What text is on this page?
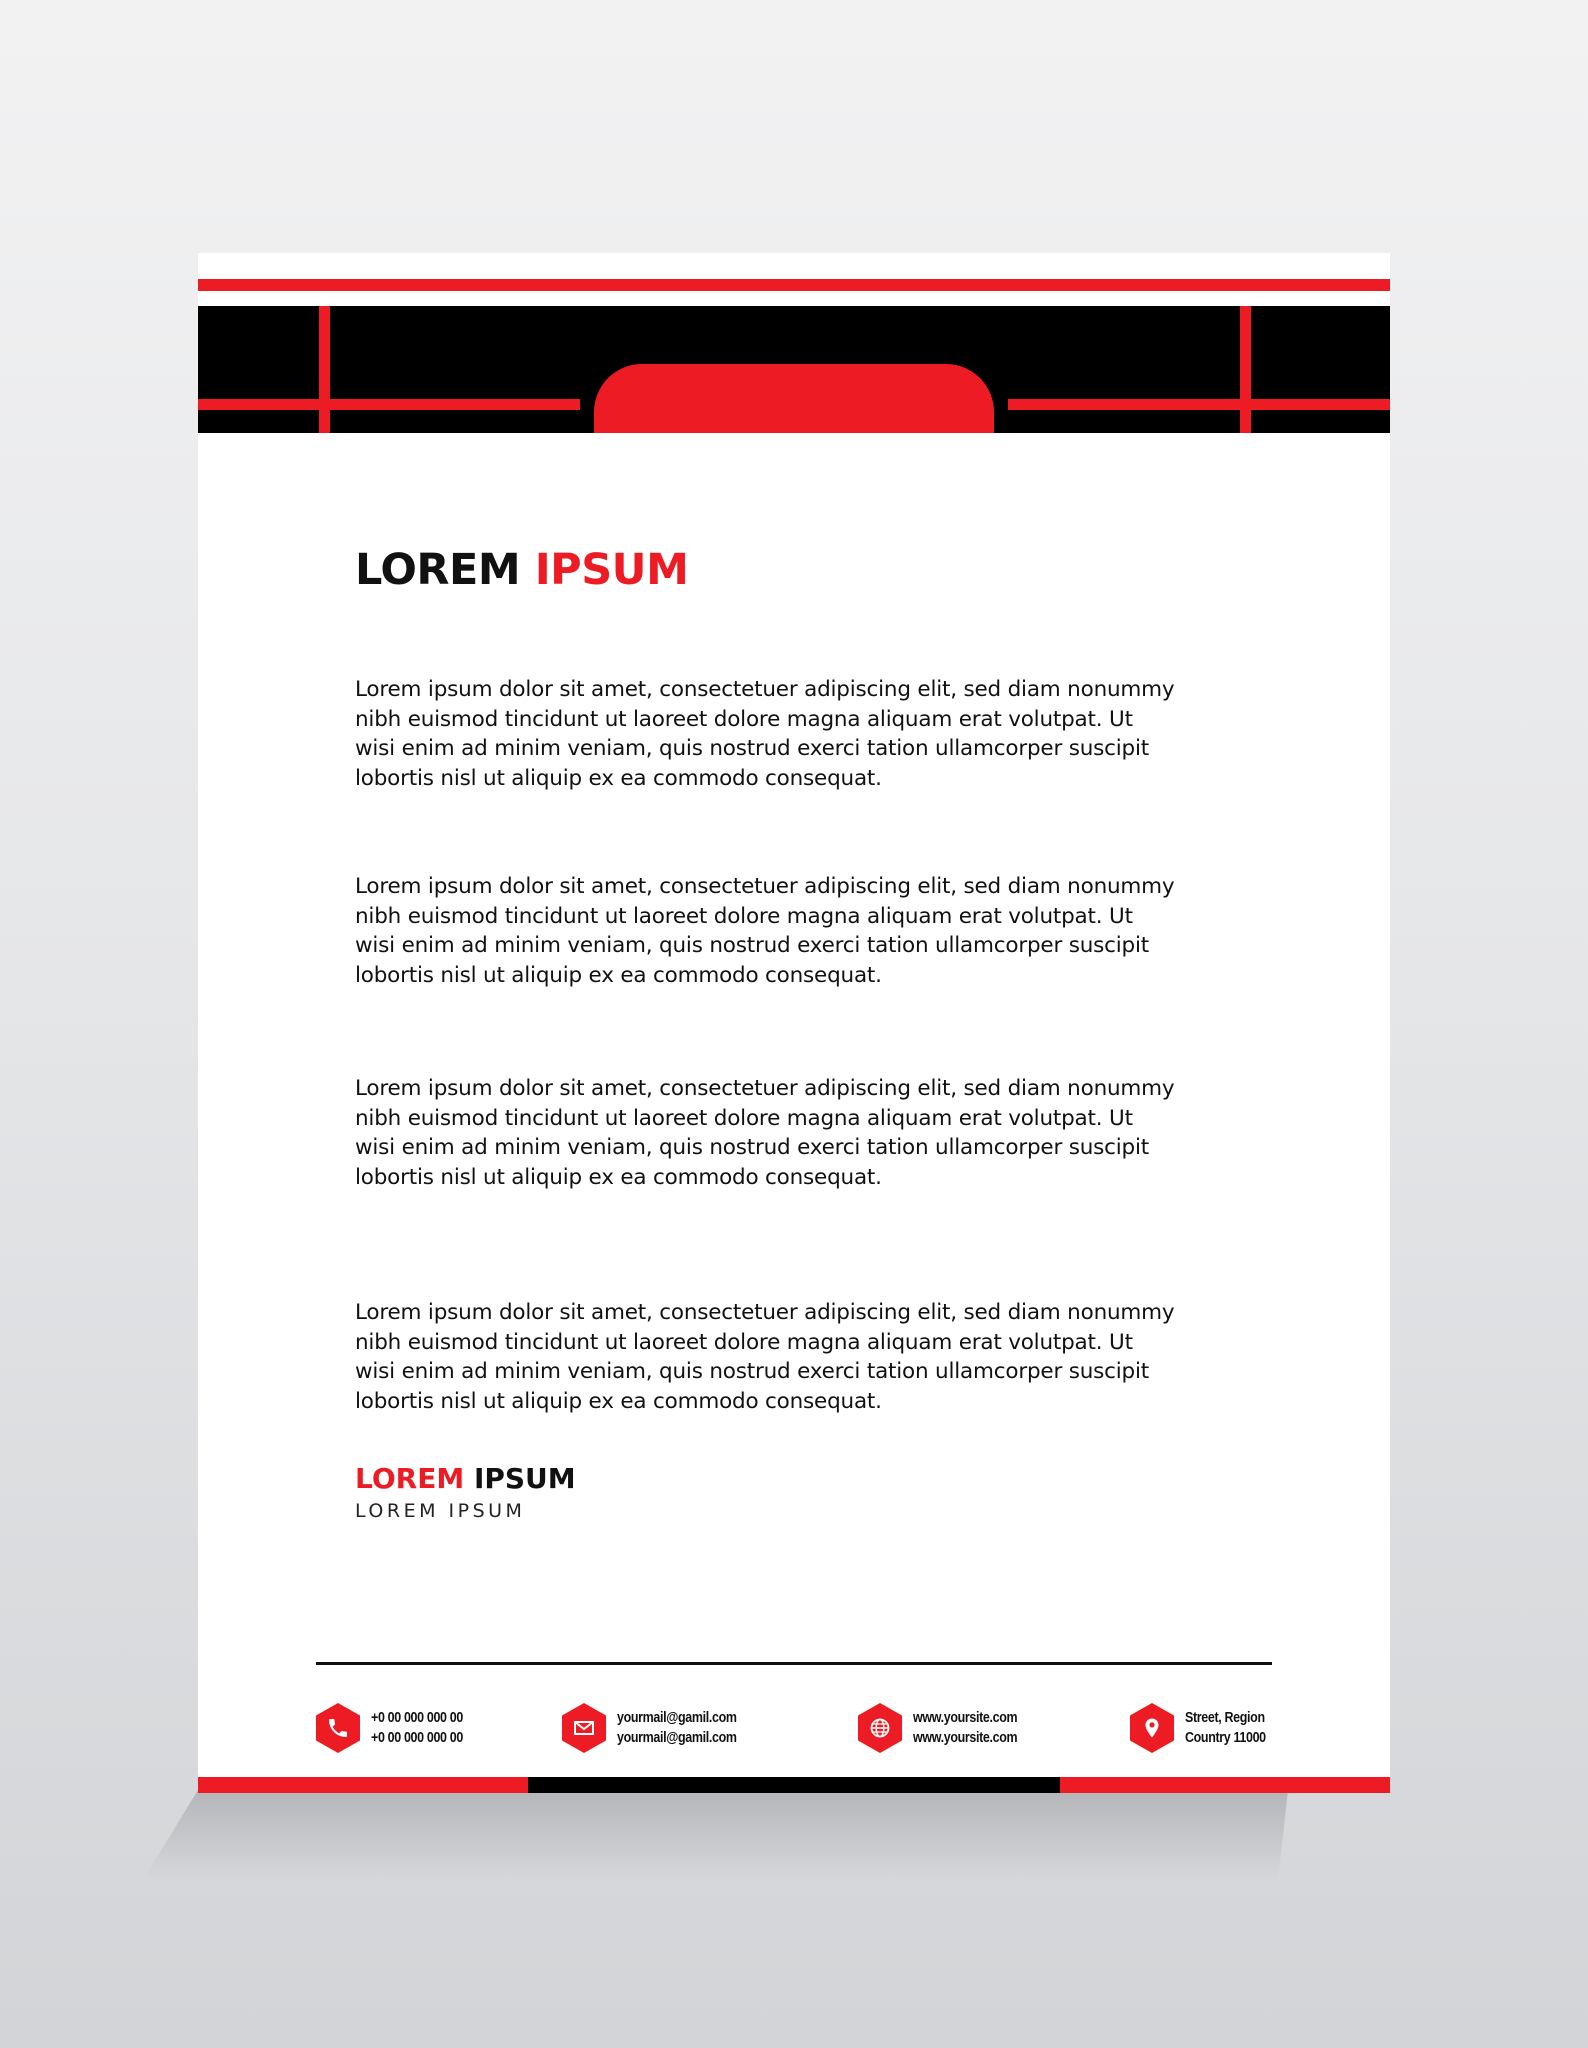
LOREM IPSUM

Lorem ipsum dolor sit amet, consectetuer adipiscing elit, sed diam nonummy
nibh euismod tincidunt ut laoreet dolore magna aliquam erat volutpat. Ut
wisi enim ad minim veniam, quis nostrud exerci tation ullamcorper suscipit
lobortis nisl ut aliquip ex ea commodo consequat.

Lorem ipsum dolor sit amet, consectetuer adipiscing elit, sed diam nonummy
nibh euismod tincidunt ut laoreet dolore magna aliquam erat volutpat. Ut
wisi enim ad minim veniam, quis nostrud exerci tation ullamcorper suscipit
lobortis nisl ut aliquip ex ea commodo consequat.

Lorem ipsum dolor sit amet, consectetuer adipiscing elit, sed diam nonummy
nibh euismod tincidunt ut laoreet dolore magna aliquam erat volutpat. Ut
wisi enim ad minim veniam, quis nostrud exerci tation ullamcorper suscipit
lobortis nisl ut aliquip ex ea commodo consequat.

Lorem ipsum dolor sit amet, consectetuer adipiscing elit, sed diam nonummy
nibh euismod tincidunt ut laoreet dolore magna aliquam erat volutpat. Ut
wisi enim ad minim veniam, quis nostrud exerci tation ullamcorper suscipit
lobortis nisl ut aliquip ex ea commodo consequat.

LOREM IPSUM
LOREM IPSUM
+0 00 000 000 00
+0 00 000 000 00
yourmail@gamil.com
yourmail@gamil.com
www.yoursite.com
www.yoursite.com
Street, Region
Country 11000
